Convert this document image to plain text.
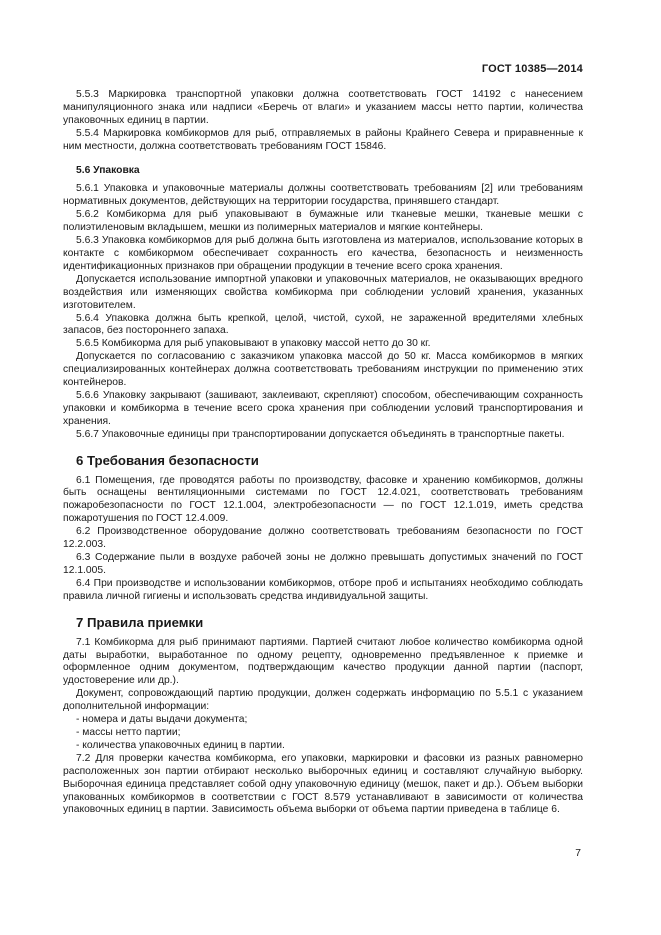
ГОСТ 10385—2014

5.5.3 Маркировка транспортной упаковки должна соответствовать ГОСТ 14192 с нанесением манипуляционного знака или надписи «Беречь от влаги» и указанием массы нетто партии, количества упаковочных единиц в партии.

5.5.4 Маркировка комбикормов для рыб, отправляемых в районы Крайнего Севера и приравненные к ним местности, должна соответствовать требованиям ГОСТ 15846.

5.6 Упаковка

5.6.1 Упаковка и упаковочные материалы должны соответствовать требованиям [2] или требованиям нормативных документов, действующих на территории государства, принявшего стандарт.

5.6.2 Комбикорма для рыб упаковывают в бумажные или тканевые мешки, тканевые мешки с полиэтиленовым вкладышем, мешки из полимерных материалов и мягкие контейнеры.

5.6.3 Упаковка комбикормов для рыб должна быть изготовлена из материалов, использование которых в контакте с комбикормом обеспечивает сохранность его качества, безопасность и неизменность идентификационных признаков при обращении продукции в течение всего срока хранения.

Допускается использование импортной упаковки и упаковочных материалов, не оказывающих вредного воздействия или изменяющих свойства комбикорма при соблюдении условий хранения, указанных изготовителем.

5.6.4 Упаковка должна быть крепкой, целой, чистой, сухой, не зараженной вредителями хлебных запасов, без постороннего запаха.

5.6.5 Комбикорма для рыб упаковывают в упаковку массой нетто до 30 кг.

Допускается по согласованию с заказчиком упаковка массой до 50 кг. Масса комбикормов в мягких специализированных контейнерах должна соответствовать требованиям инструкции по применению этих контейнеров.

5.6.6 Упаковку закрывают (зашивают, заклеивают, скрепляют) способом, обеспечивающим сохранность упаковки и комбикорма в течение всего срока хранения при соблюдении условий транспортирования и хранения.

5.6.7 Упаковочные единицы при транспортировании допускается объединять в транспортные пакеты.

6 Требования безопасности

6.1 Помещения, где проводятся работы по производству, фасовке и хранению комбикормов, должны быть оснащены вентиляционными системами по ГОСТ 12.4.021, соответствовать требованиям пожаробезопасности по ГОСТ 12.1.004, электробезопасности — по ГОСТ 12.1.019, иметь средства пожаротушения по ГОСТ 12.4.009.

6.2 Производственное оборудование должно соответствовать требованиям безопасности по ГОСТ 12.2.003.

6.3 Содержание пыли в воздухе рабочей зоны не должно превышать допустимых значений по ГОСТ 12.1.005.

6.4 При производстве и использовании комбикормов, отборе проб и испытаниях необходимо соблюдать правила личной гигиены и использовать средства индивидуальной защиты.

7 Правила приемки

7.1 Комбикорма для рыб принимают партиями. Партией считают любое количество комбикорма одной даты выработки, выработанное по одному рецепту, одновременно предъявленное к приемке и оформленное одним документом, подтверждающим качество продукции данной партии (паспорт, удостоверение или др.).

Документ, сопровождающий партию продукции, должен содержать информацию по 5.5.1 с указанием дополнительной информации:

- номера и даты выдачи документа;

- массы нетто партии;

- количества упаковочных единиц в партии.

7.2 Для проверки качества комбикорма, его упаковки, маркировки и фасовки из разных равномерно расположенных зон партии отбирают несколько выборочных единиц и составляют случайную выборку. Выборочная единица представляет собой одну упаковочную единицу (мешок, пакет и др.). Объем выборки упакованных комбикормов в соответствии с ГОСТ 8.579 устанавливают в зависимости от количества упаковочных единиц в партии. Зависимость объема выборки от объема партии приведена в таблице 6.

7
